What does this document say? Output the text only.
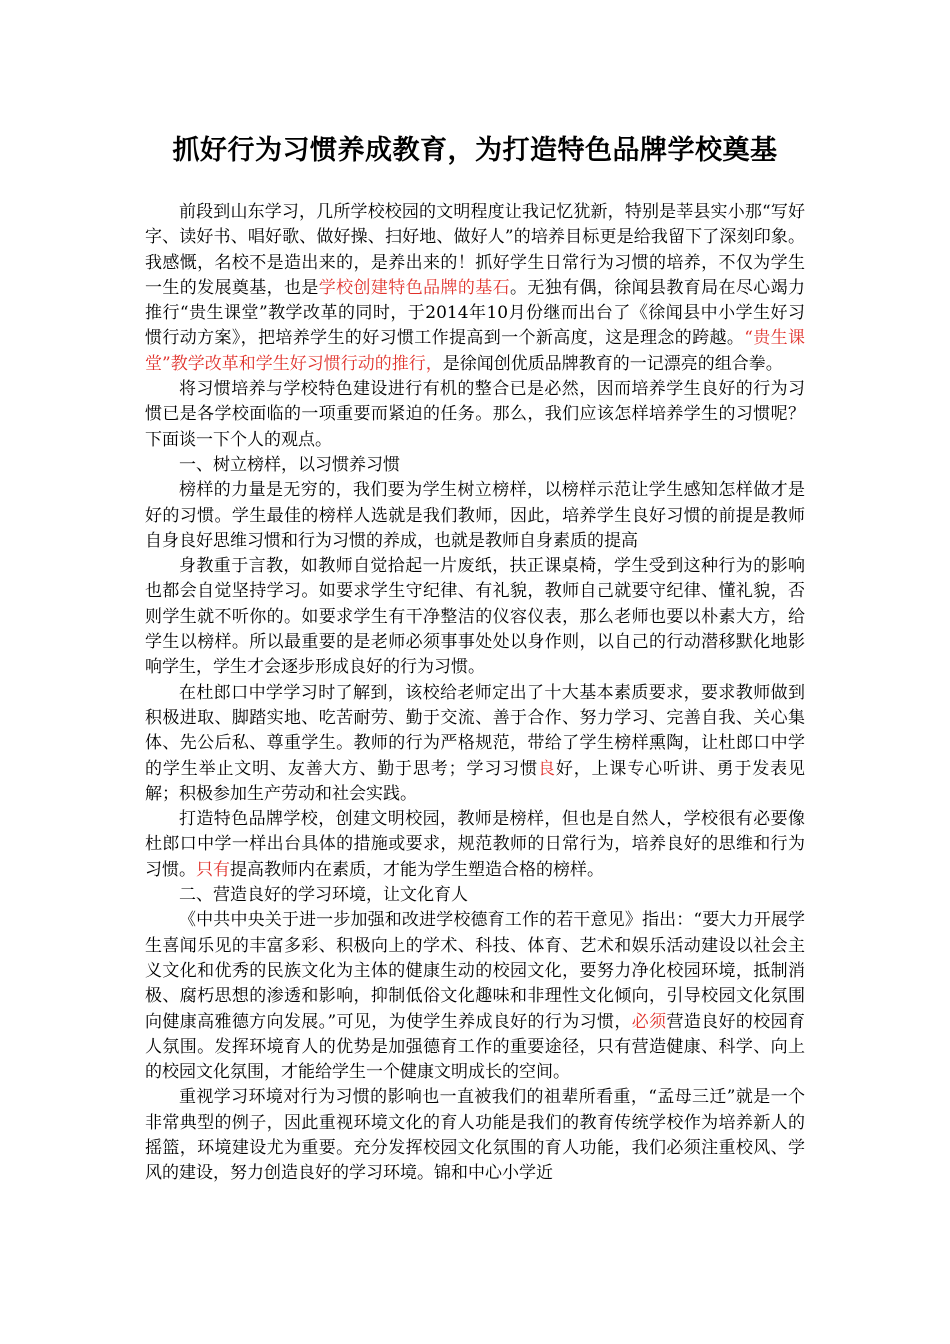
抓好行为习惯养成教育，为打造特色品牌学校奠基

前段到山东学习，几所学校校园的文明程度让我记忆犹新，特别是莘县实小那“写好字、读好书、唱好歌、做好操、扫好地、做好人”的培养目标更是给我留下了深刻印象。我感慨，名校不是造出来的，是养出来的！抓好学生日常行为习惯的培养，不仅为学生一生的发展奠基，也是学校创建特色品牌的基石。无独有偶，徐闻县教育局在尽心竭力推行“贵生课堂”教学改革的同时，于2014年10月份继而出台了《徐闻县中小学生好习惯行动方案》，把培养学生的好习惯工作提高到一个新高度，这是理念的跨越。“贵生课堂”教学改革和学生好习惯行动的推行，是徐闻创优质品牌教育的一记漂亮的组合拳。

将习惯培养与学校特色建设进行有机的整合已是必然，因而培养学生良好的行为习惯已是各学校面临的一项重要而紧迫的任务。那么，我们应该怎样培养学生的习惯呢？下面谈一下个人的观点。

一、树立榜样，以习惯养习惯

榜样的力量是无穷的，我们要为学生树立榜样，以榜样示范让学生感知怎样做才是好的习惯。学生最佳的榜样人选就是我们教师，因此，培养学生良好习惯的前提是教师自身良好思维习惯和行为习惯的养成，也就是教师自身素质的提高

身教重于言教，如教师自觉拾起一片废纸，扶正课桌椅，学生受到这种行为的影响也都会自觉坚持学习。如要求学生守纪律、有礼貌，教师自己就要守纪律、懂礼貌，否则学生就不听你的。如要求学生有干净整洁的仪容仪表，那么老师也要以朴素大方，给学生以榜样。所以最重要的是老师必须事事处处以身作则，以自己的行动潜移默化地影响学生，学生才会逐步形成良好的行为习惯。

在杜郎口中学学习时了解到，该校给老师定出了十大基本素质要求，要求教师做到积极进取、脚踏实地、吃苦耐劳、勤于交流、善于合作、努力学习、完善自我、关心集体、先公后私、尊重学生。教师的行为严格规范，带给了学生榜样熏陶，让杜郎口中学的学生举止文明、友善大方、勤于思考；学习习惯良好，上课专心听讲、勇于发表见解；积极参加生产劳动和社会实践。

打造特色品牌学校，创建文明校园，教师是榜样，但也是自然人，学校很有必要像杜郎口中学一样出台具体的措施或要求，规范教师的日常行为，培养良好的思维和行为习惯。只有提高教师内在素质，才能为学生塑造合格的榜样。

二、营造良好的学习环境，让文化育人

《中共中央关于进一步加强和改进学校德育工作的若干意见》指出：“要大力开展学生喜闻乐见的丰富多彩、积极向上的学术、科技、体育、艺术和娱乐活动建设以社会主义文化和优秀的民族文化为主体的健康生动的校园文化，要努力净化校园环境，抵制消极、腐朽思想的渗透和影响，抑制低俗文化趣味和非理性文化倾向，引导校园文化氛围向健康高雅德方向发展。”可见，为使学生养成良好的行为习惯，必须营造良好的校园育人氛围。发挥环境育人的优势是加强德育工作的重要途径，只有营造健康、科学、向上的校园文化氛围，才能给学生一个健康文明成长的空间。

重视学习环境对行为习惯的影响也一直被我们的祖辈所看重，“孟母三迁”就是一个非常典型的例子，因此重视环境文化的育人功能是我们的教育传统学校作为培养新人的摇篮，环境建设尤为重要。充分发挥校园文化氛围的育人功能，我们必须注重校风、学风的建设，努力创造良好的学习环境。锦和中心小学近
